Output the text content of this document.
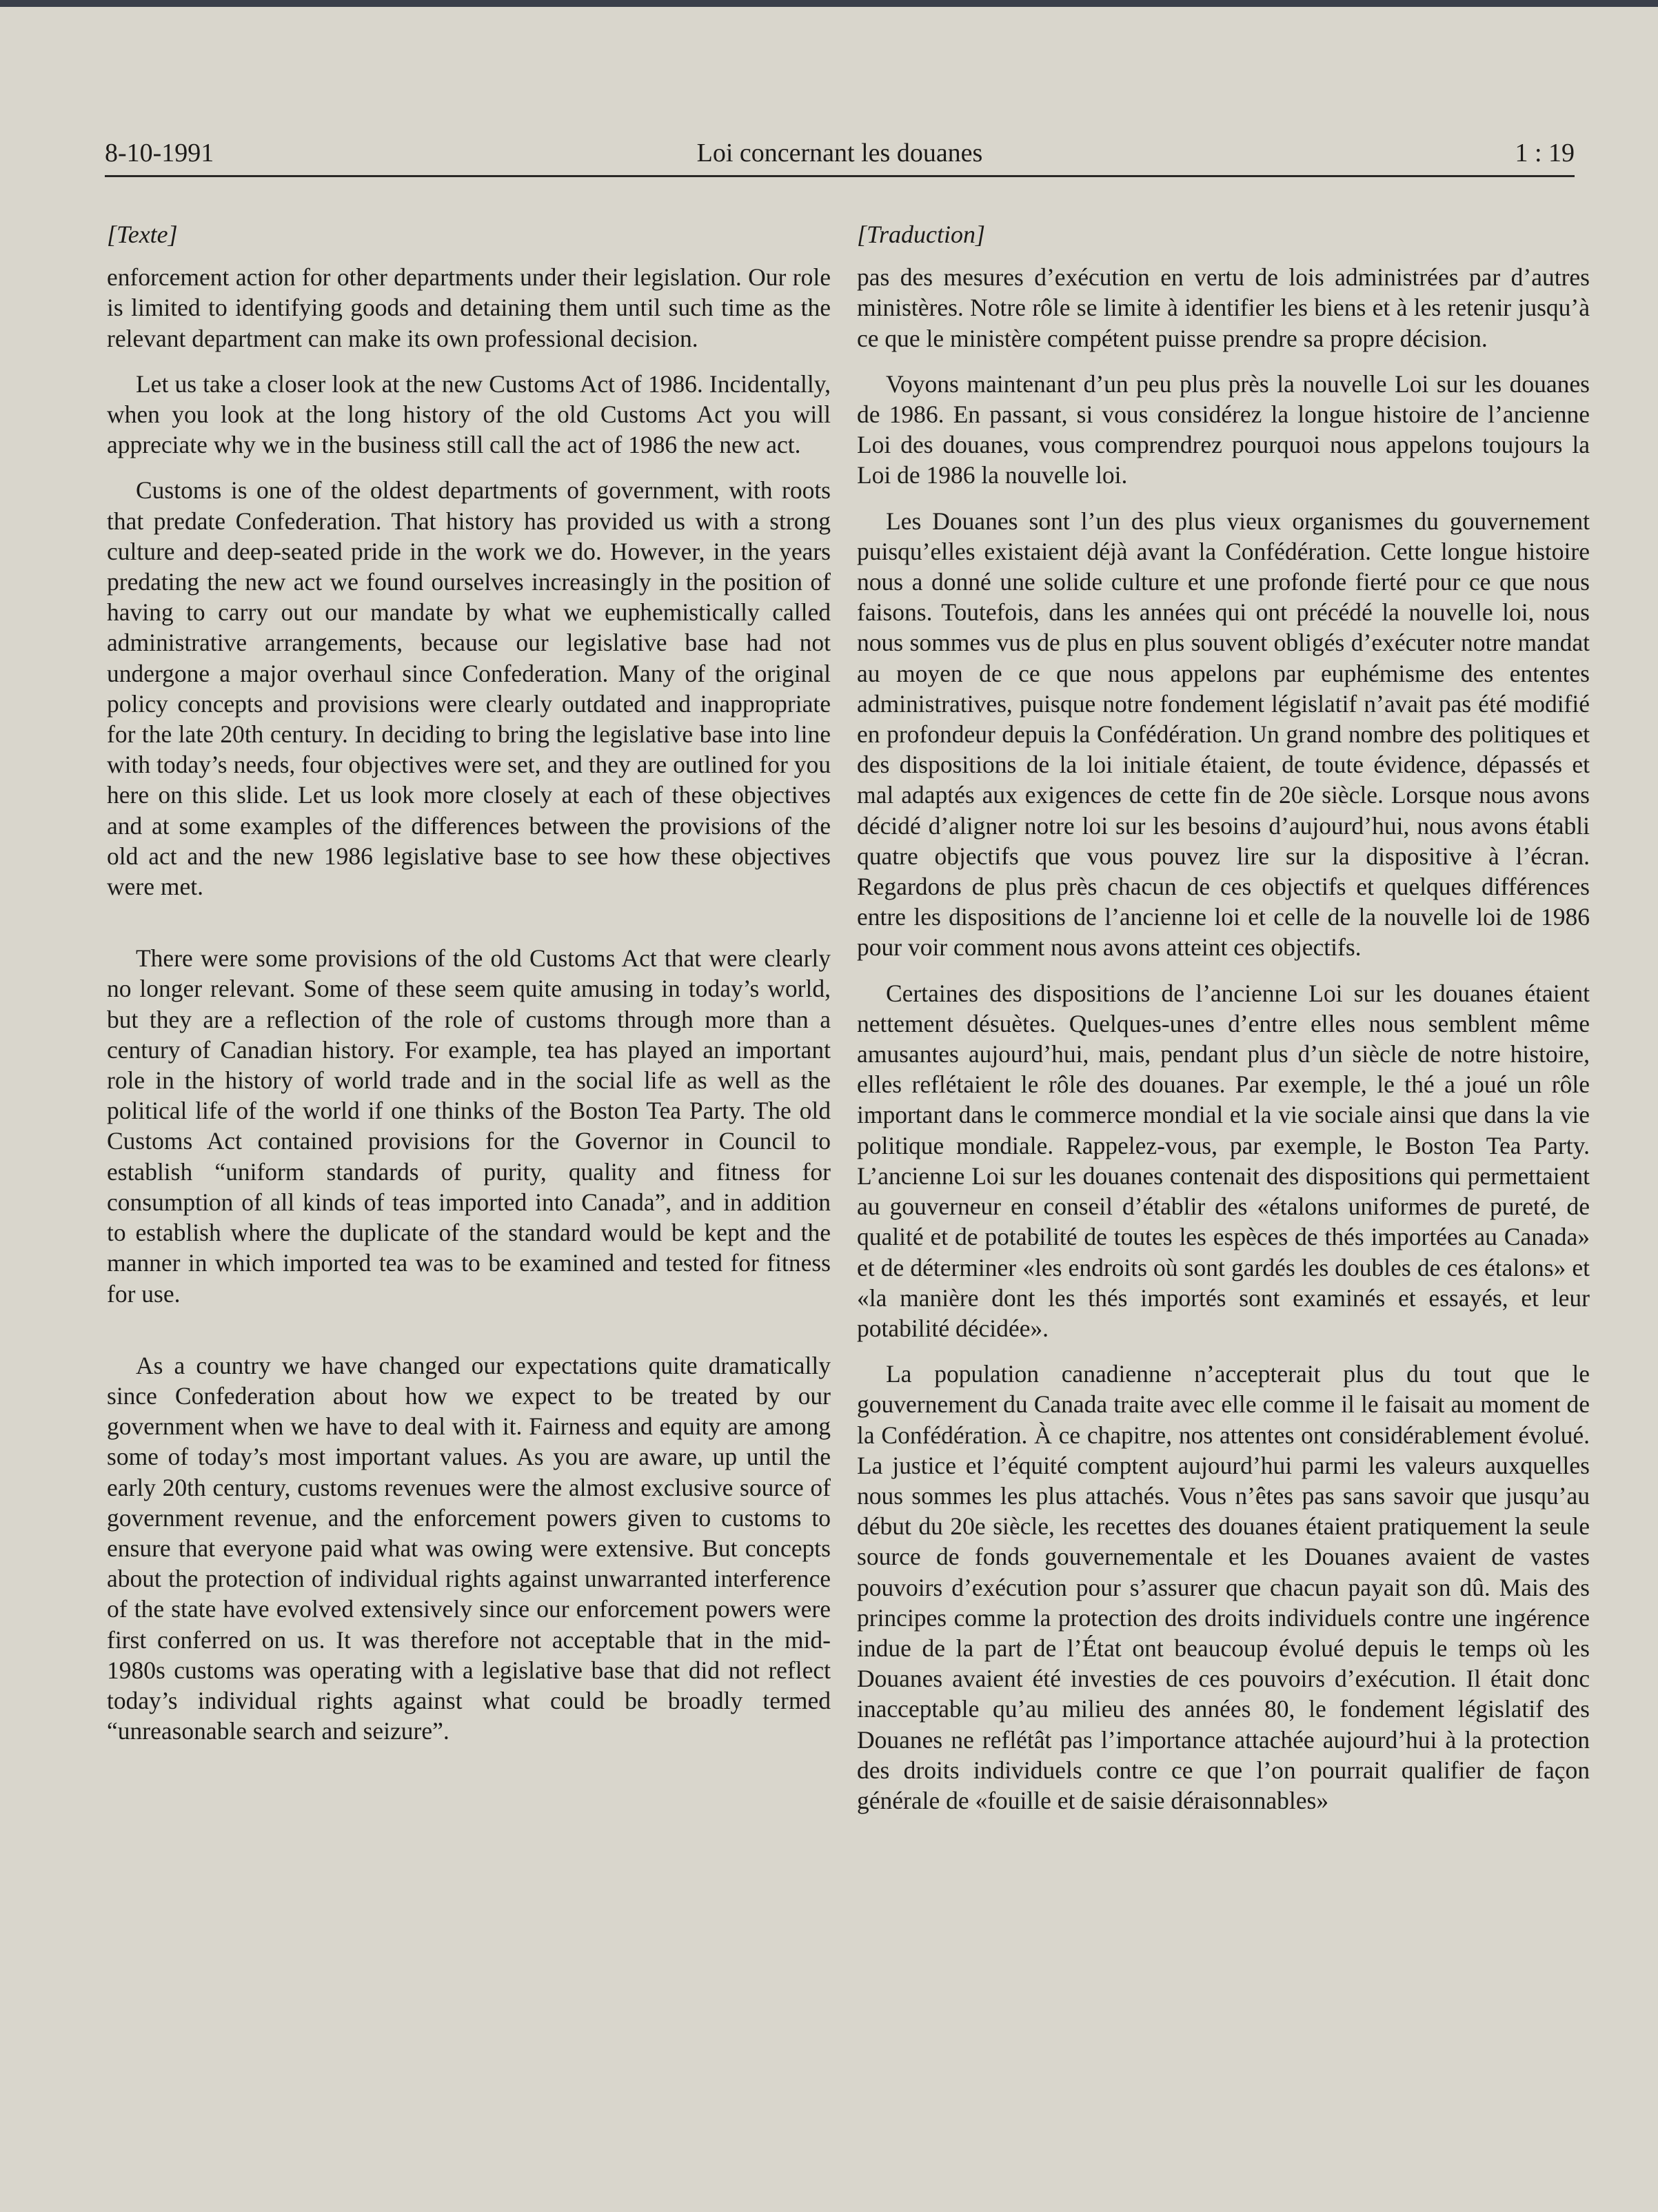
8-10-1991	Loi concernant les douanes	1 : 19
[Texte]

enforcement action for other departments under their legislation. Our role is limited to identifying goods and detaining them until such time as the relevant department can make its own professional decision.

Let us take a closer look at the new Customs Act of 1986. Incidentally, when you look at the long history of the old Customs Act you will appreciate why we in the business still call the act of 1986 the new act.

Customs is one of the oldest departments of government, with roots that predate Confederation. That history has provided us with a strong culture and deep-seated pride in the work we do. However, in the years predating the new act we found ourselves increasingly in the position of having to carry out our mandate by what we euphemistically called administrative arrangements, because our legislative base had not undergone a major overhaul since Confederation. Many of the original policy concepts and provisions were clearly outdated and inappropriate for the late 20th century. In deciding to bring the legislative base into line with today’s needs, four objectives were set, and they are outlined for you here on this slide. Let us look more closely at each of these objectives and at some examples of the differences between the provisions of the old act and the new 1986 legislative base to see how these objectives were met.

There were some provisions of the old Customs Act that were clearly no longer relevant. Some of these seem quite amusing in today’s world, but they are a reflection of the role of customs through more than a century of Canadian history. For example, tea has played an important role in the history of world trade and in the social life as well as the political life of the world if one thinks of the Boston Tea Party. The old Customs Act contained provisions for the Governor in Council to establish “uniform standards of purity, quality and fitness for consumption of all kinds of teas imported into Canada”, and in addition to establish where the duplicate of the standard would be kept and the manner in which imported tea was to be examined and tested for fitness for use.

As a country we have changed our expectations quite dramatically since Confederation about how we expect to be treated by our government when we have to deal with it. Fairness and equity are among some of today’s most important values. As you are aware, up until the early 20th century, customs revenues were the almost exclusive source of government revenue, and the enforcement powers given to customs to ensure that everyone paid what was owing were extensive. But concepts about the protection of individual rights against unwarranted interference of the state have evolved extensively since our enforcement powers were first conferred on us. It was therefore not acceptable that in the mid-1980s customs was operating with a legislative base that did not reflect today’s individual rights against what could be broadly termed “unreasonable search and seizure”.

[Traduction]

pas des mesures d’exécution en vertu de lois administrées par d’autres ministères. Notre rôle se limite à identifier les biens et à les retenir jusqu’à ce que le ministère compétent puisse prendre sa propre décision.

Voyons maintenant d’un peu plus près la nouvelle Loi sur les douanes de 1986. En passant, si vous considérez la longue histoire de l’ancienne Loi des douanes, vous comprendrez pourquoi nous appelons toujours la Loi de 1986 la nouvelle loi.

Les Douanes sont l’un des plus vieux organismes du gouvernement puisqu’elles existaient déjà avant la Confédération. Cette longue histoire nous a donné une solide culture et une profonde fierté pour ce que nous faisons. Toutefois, dans les années qui ont précédé la nouvelle loi, nous nous sommes vus de plus en plus souvent obligés d’exécuter notre mandat au moyen de ce que nous appelons par euphémisme des ententes administratives, puisque notre fondement législatif n’avait pas été modifié en profondeur depuis la Confédération. Un grand nombre des politiques et des dispositions de la loi initiale étaient, de toute évidence, dépassés et mal adaptés aux exigences de cette fin de 20e siècle. Lorsque nous avons décidé d’aligner notre loi sur les besoins d’aujourd’hui, nous avons établi quatre objectifs que vous pouvez lire sur la dispositive à l’écran. Regardons de plus près chacun de ces objectifs et quelques différences entre les dispositions de l’ancienne loi et celle de la nouvelle loi de 1986 pour voir comment nous avons atteint ces objectifs.

Certaines des dispositions de l’ancienne Loi sur les douanes étaient nettement désuètes. Quelques-unes d’entre elles nous semblent même amusantes aujourd’hui, mais, pendant plus d’un siècle de notre histoire, elles reflétaient le rôle des douanes. Par exemple, le thé a joué un rôle important dans le commerce mondial et la vie sociale ainsi que dans la vie politique mondiale. Rappelez-vous, par exemple, le Boston Tea Party. L’ancienne Loi sur les douanes contenait des dispositions qui permettaient au gouverneur en conseil d’établir des «étalons uniformes de pureté, de qualité et de potabilité de toutes les espèces de thés importées au Canada» et de déterminer «les endroits où sont gardés les doubles de ces étalons» et «la manière dont les thés importés sont examinés et essayés, et leur potabilité décidée».

La population canadienne n’accepterait plus du tout que le gouvernement du Canada traite avec elle comme il le faisait au moment de la Confédération. À ce chapitre, nos attentes ont considérablement évolué. La justice et l’équité comptent aujourd’hui parmi les valeurs auxquelles nous sommes les plus attachés. Vous n’êtes pas sans savoir que jusqu’au début du 20e siècle, les recettes des douanes étaient pratiquement la seule source de fonds gouvernementale et les Douanes avaient de vastes pouvoirs d’exécution pour s’assurer que chacun payait son dû. Mais des principes comme la protection des droits individuels contre une ingérence indue de la part de l’État ont beaucoup évolué depuis le temps où les Douanes avaient été investies de ces pouvoirs d’exécution. Il était donc inacceptable qu’au milieu des années 80, le fondement législatif des Douanes ne reflétât pas l’importance attachée aujourd’hui à la protection des droits individuels contre ce que l’on pourrait qualifier de façon générale de «fouille et de saisie déraisonnables»
